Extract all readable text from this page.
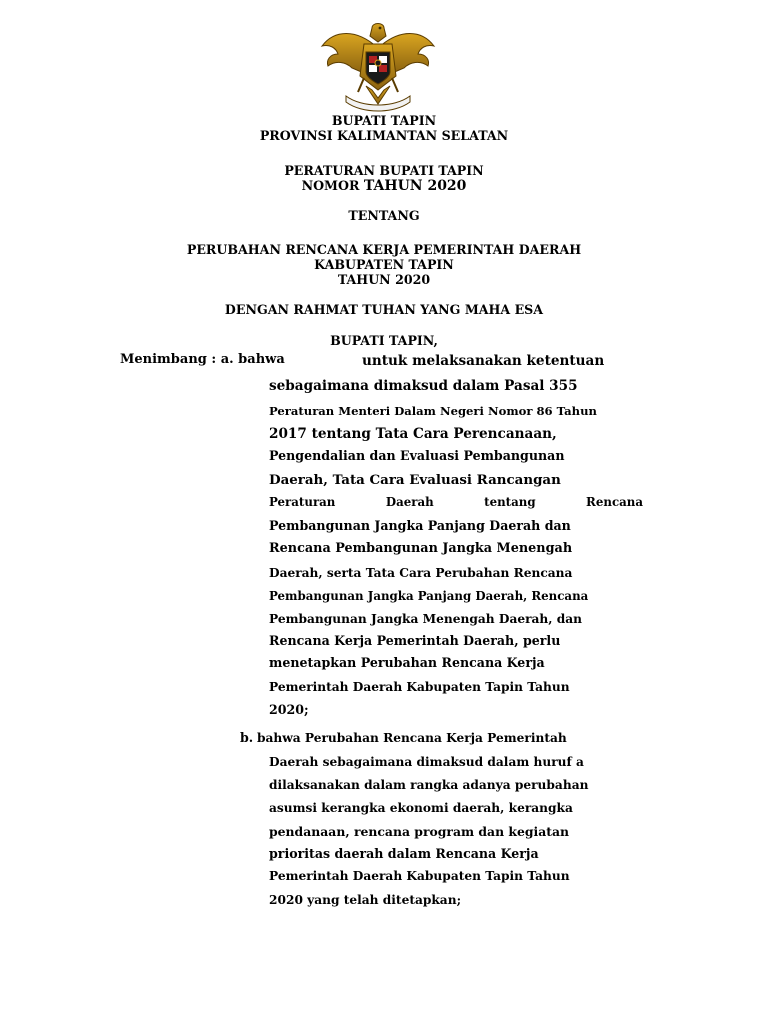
BUPATI TAPIN
PROVINSI KALIMANTAN SELATAN
PERATURAN BUPATI TAPIN
NOMOR TAHUN 2020
TENTANG
PERUBAHAN RENCANA KERJA PEMERINTAH DAERAH
KABUPATEN TAPIN
TAHUN 2020
DENGAN RAHMAT TUHAN YANG MAHA ESA
BUPATI TAPIN,
Menimbang : a. bahwa	untuk melaksanakan ketentuan
sebagaimana dimaksud dalam Pasal 355
Peraturan Menteri Dalam Negeri Nomor 86 Tahun
2017 tentang Tata Cara Perencanaan,
Pengendalian dan Evaluasi Pembangunan
Daerah, Tata Cara Evaluasi Rancangan
Peraturan Daerah tentang Rencana
Pembangunan Jangka Panjang Daerah dan
Rencana Pembangunan Jangka Menengah
Daerah, serta Tata Cara Perubahan Rencana
Pembangunan Jangka Panjang Daerah, Rencana
Pembangunan Jangka Menengah Daerah, dan
Rencana Kerja Pemerintah Daerah, perlu
menetapkan Perubahan Rencana Kerja
Pemerintah Daerah Kabupaten Tapin Tahun
2020;
b. bahwa Perubahan Rencana Kerja Pemerintah
Daerah sebagaimana dimaksud dalam huruf a
dilaksanakan dalam rangka adanya perubahan
asumsi kerangka ekonomi daerah, kerangka
pendanaan, rencana program dan kegiatan
prioritas daerah dalam Rencana Kerja
Pemerintah Daerah Kabupaten Tapin Tahun
2020 yang telah ditetapkan;
